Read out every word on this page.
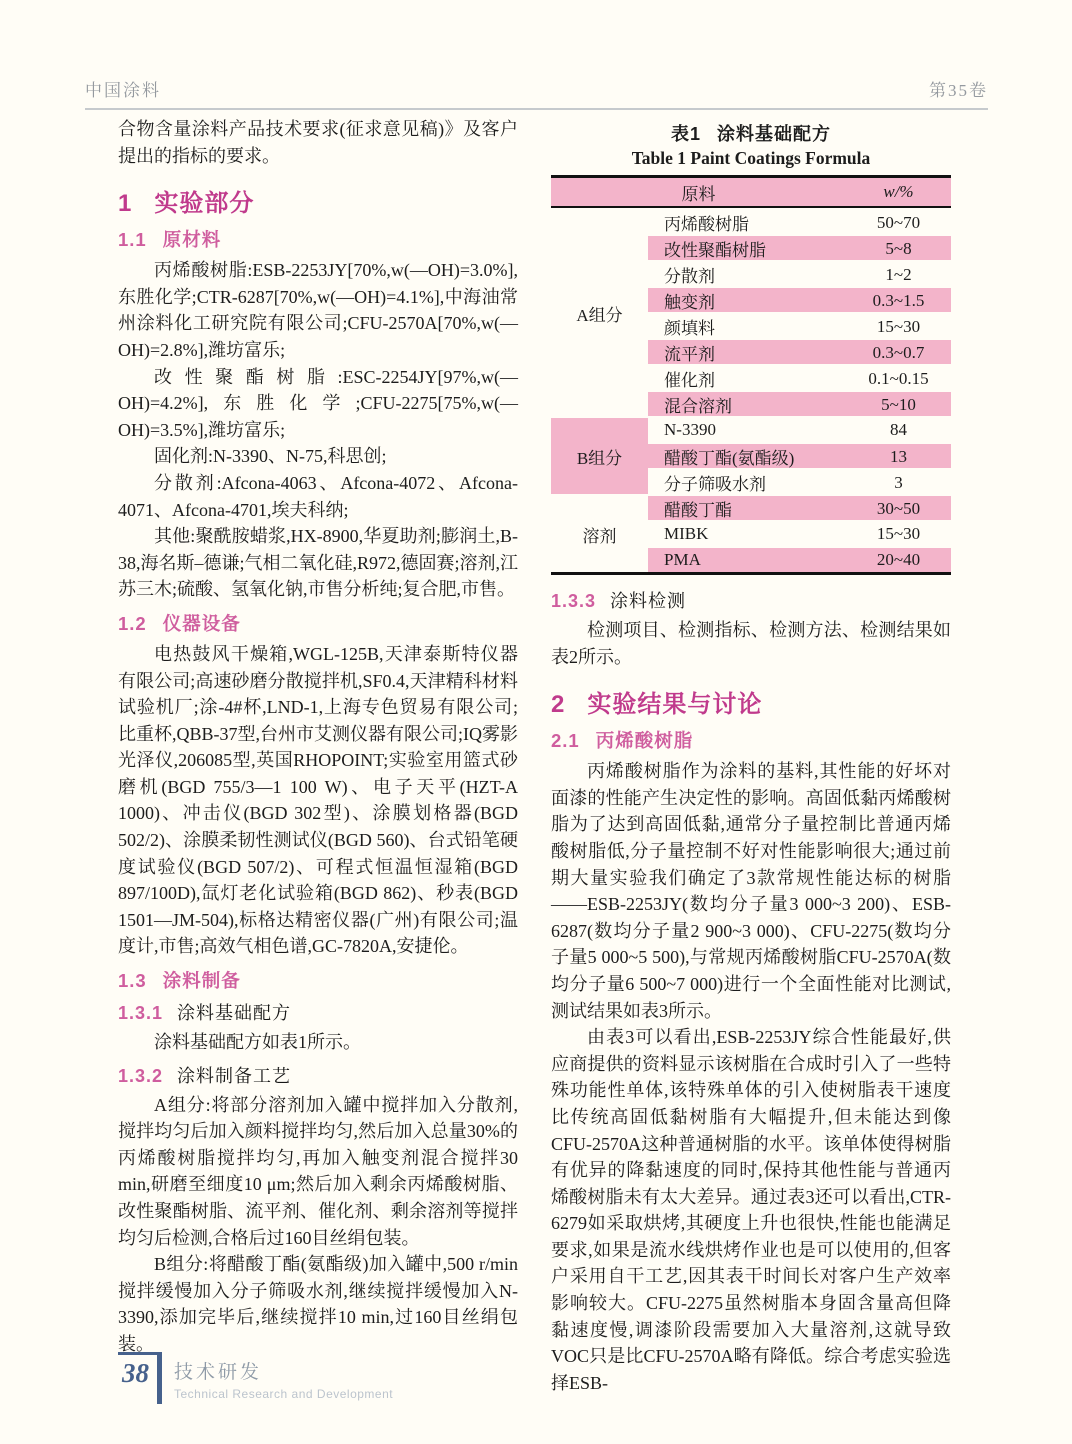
中国涂料	第35卷

合物含量涂料产品技术要求(征求意见稿)》及客户提出的指标的要求。

1 实验部分
1.1 原材料

丙烯酸树脂:ESB-2253JY[70%,w(—OH)=3.0%],东胜化学;CTR-6287[70%,w(—OH)=4.1%],中海油常州涂料化工研究院有限公司;CFU-2570A[70%,w(—OH)=2.8%],潍坊富乐;

改性聚酯树脂:ESC-2254JY[97%,w(—OH)=4.2%],东胜化学;CFU-2275[75%,w(—OH)=3.5%],潍坊富乐;

固化剂:N-3390、N-75,科思创;

分散剂:Afcona-4063、Afcona-4072、Afcona-4071、Afcona-4701,埃夫科纳;

其他:聚酰胺蜡浆,HX-8900,华夏助剂;膨润土,B-38,海名斯–德谦;气相二氧化硅,R972,德固赛;溶剂,江苏三木;硫酸、氢氧化钠,市售分析纯;复合肥,市售。

1.2 仪器设备

电热鼓风干燥箱,WGL-125B,天津泰斯特仪器有限公司;高速砂磨分散搅拌机,SF0.4,天津精科材料试验机厂;涂-4#杯,LND-1,上海专色贸易有限公司;比重杯,QBB-37型,台州市艾测仪器有限公司;IQ雾影光泽仪,206085型,英国RHOPOINT;实验室用篮式砂磨机(BGD 755/3—1 100 W)、电子天平(HZT-A 1000)、冲击仪(BGD 302型)、涂膜划格器(BGD 502/2)、涂膜柔韧性测试仪(BGD 560)、台式铅笔硬度试验仪(BGD 507/2)、可程式恒温恒湿箱(BGD 897/100D),氙灯老化试验箱(BGD 862)、秒表(BGD 1501—JM-504),标格达精密仪器(广州)有限公司;温度计,市售;高效气相色谱,GC-7820A,安捷伦。

1.3 涂料制备
1.3.1 涂料基础配方

涂料基础配方如表1所示。

1.3.2 涂料制备工艺

A组分:将部分溶剂加入罐中搅拌加入分散剂,搅拌均匀后加入颜料搅拌均匀,然后加入总量30%的丙烯酸树脂搅拌均匀,再加入触变剂混合搅拌30 min,研磨至细度10 μm;然后加入剩余丙烯酸树脂、改性聚酯树脂、流平剂、催化剂、剩余溶剂等搅拌均匀后检测,合格后过160目丝绢包装。

B组分:将醋酸丁酯(氨酯级)加入罐中,500 r/min搅拌缓慢加入分子筛吸水剂,继续搅拌缓慢加入N-3390,添加完毕后,继续搅拌10 min,过160目丝绢包装。

表1 涂料基础配方
Table 1 Paint Coatings Formula
原料	w/%
A组分
丙烯酸树脂	50~70
改性聚酯树脂	5~8
分散剂	1~2
触变剂	0.3~1.5
颜填料	15~30
流平剂	0.3~0.7
催化剂	0.1~0.15
混合溶剂	5~10
B组分
N-3390	84
醋酸丁酯(氨酯级)	13
分子筛吸水剂	3
溶剂
醋酸丁酯	30~50
MIBK	15~30
PMA	20~40
1.3.3 涂料检测

检测项目、检测指标、检测方法、检测结果如表2所示。

2 实验结果与讨论
2.1 丙烯酸树脂

丙烯酸树脂作为涂料的基料,其性能的好坏对面漆的性能产生决定性的影响。高固低黏丙烯酸树脂为了达到高固低黏,通常分子量控制比普通丙烯酸树脂低,分子量控制不好对性能影响很大;通过前期大量实验我们确定了3款常规性能达标的树脂——ESB-2253JY(数均分子量3 000~3 200)、ESB-6287(数均分子量2 900~3 000)、CFU-2275(数均分子量5 000~5 500),与常规丙烯酸树脂CFU-2570A(数均分子量6 500~7 000)进行一个全面性能对比测试,测试结果如表3所示。

由表3可以看出,ESB-2253JY综合性能最好,供应商提供的资料显示该树脂在合成时引入了一些特殊功能性单体,该特殊单体的引入使树脂表干速度比传统高固低黏树脂有大幅提升,但未能达到像CFU-2570A这种普通树脂的水平。该单体使得树脂有优异的降黏速度的同时,保持其他性能与普通丙烯酸树脂未有太大差异。通过表3还可以看出,CTR-6279如采取烘烤,其硬度上升也很快,性能也能满足要求,如果是流水线烘烤作业也是可以使用的,但客户采用自干工艺,因其表干时间长对客户生产效率影响较大。CFU-2275虽然树脂本身固含量高但降黏速度慢,调漆阶段需要加入大量溶剂,这就导致VOC只是比CFU-2570A略有降低。综合考虑实验选择ESB-

38	技术研发
Technical Research and Development
